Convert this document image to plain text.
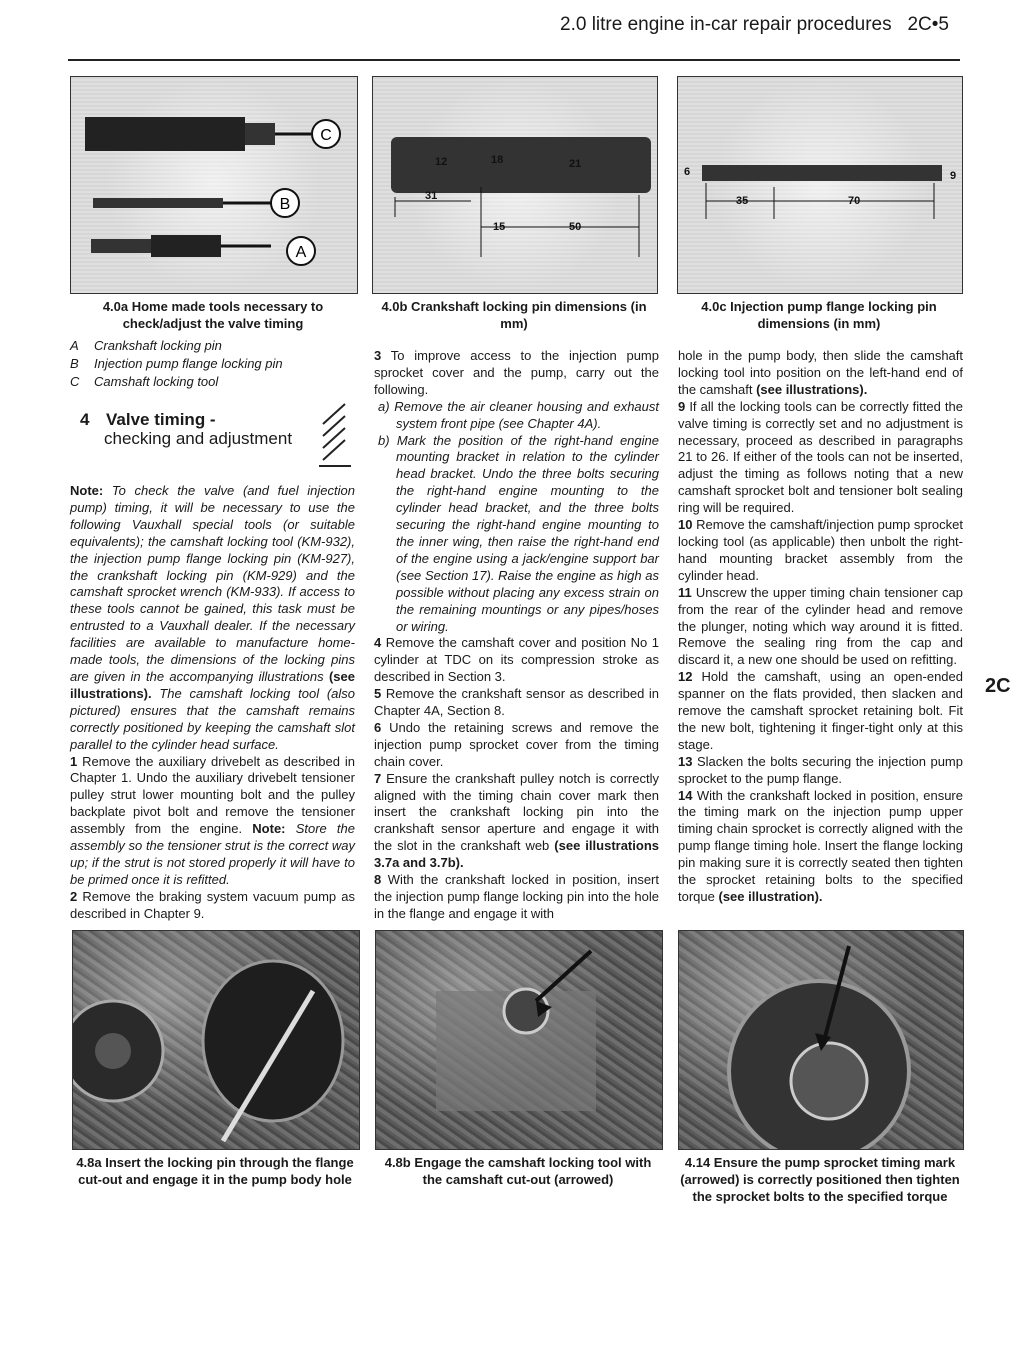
2.0 litre engine in-car repair procedures 2C•5
C
B
A
4.0a Home made tools necessary to check/adjust the valve timing
12	18	21
31
15	50
4.0b Crankshaft locking pin dimensions (in mm)
6	9
35	70
4.0c Injection pump flange locking pin dimensions (in mm)
A Crankshaft locking pin
B Injection pump flange locking pin
C Camshaft locking tool
4 Valve timing -
checking and adjustment

Note: To check the valve (and fuel injection pump) timing, it will be necessary to use the following Vauxhall special tools (or suitable equivalents); the camshaft locking tool (KM-932), the injection pump flange locking pin (KM-927), the crankshaft locking pin (KM-929) and the camshaft sprocket wrench (KM-933). If access to these tools cannot be gained, this task must be entrusted to a Vauxhall dealer. If the necessary facilities are available to manufacture home-made tools, the dimensions of the locking pins are given in the accompanying illustrations (see illustrations). The camshaft locking tool (also pictured) ensures that the camshaft remains correctly positioned by keeping the camshaft slot parallel to the cylinder head surface.

1 Remove the auxiliary drivebelt as described in Chapter 1. Undo the auxiliary drivebelt tensioner pulley strut lower mounting bolt and the pulley backplate pivot bolt and remove the tensioner assembly from the engine. Note: Store the assembly so the tensioner strut is the correct way up; if the strut is not stored properly it will have to be primed once it is refitted.

2 Remove the braking system vacuum pump as described in Chapter 9.

3 To improve access to the injection pump sprocket cover and the pump, carry out the following.

a) Remove the air cleaner housing and exhaust system front pipe (see Chapter 4A).

b) Mark the position of the right-hand engine mounting bracket in relation to the cylinder head bracket. Undo the three bolts securing the right-hand engine mounting to the cylinder head bracket, and the three bolts securing the right-hand engine mounting to the inner wing, then raise the right-hand end of the engine using a jack/engine support bar (see Section 17). Raise the engine as high as possible without placing any excess strain on the remaining mountings or any pipes/hoses or wiring.

4 Remove the camshaft cover and position No 1 cylinder at TDC on its compression stroke as described in Section 3.

5 Remove the crankshaft sensor as described in Chapter 4A, Section 8.

6 Undo the retaining screws and remove the injection pump sprocket cover from the timing chain cover.

7 Ensure the crankshaft pulley notch is correctly aligned with the timing chain cover mark then insert the crankshaft locking pin into the crankshaft sensor aperture and engage it with the slot in the crankshaft web (see illustrations 3.7a and 3.7b).

8 With the crankshaft locked in position, insert the injection pump flange locking pin into the hole in the flange and engage it with

hole in the pump body, then slide the camshaft locking tool into position on the left-hand end of the camshaft (see illustrations).

9 If all the locking tools can be correctly fitted the valve timing is correctly set and no adjustment is necessary, proceed as described in paragraphs 21 to 26. If either of the tools can not be inserted, adjust the timing as follows noting that a new camshaft sprocket bolt and tensioner bolt sealing ring will be required.

10 Remove the camshaft/injection pump sprocket locking tool (as applicable) then unbolt the right-hand mounting bracket assembly from the cylinder head.

11 Unscrew the upper timing chain tensioner cap from the rear of the cylinder head and remove the plunger, noting which way around it is fitted. Remove the sealing ring from the cap and discard it, a new one should be used on refitting.

12 Hold the camshaft, using an open-ended spanner on the flats provided, then slacken and remove the camshaft sprocket retaining bolt. Fit the new bolt, tightening it finger-tight only at this stage.

13 Slacken the bolts securing the injection pump sprocket to the pump flange.

14 With the crankshaft locked in position, ensure the timing mark on the injection pump upper timing chain sprocket is correctly aligned with the pump flange timing hole. Insert the flange locking pin making sure it is correctly seated then tighten the sprocket retaining bolts to the specified torque (see illustration).

2C
4.8a Insert the locking pin through the flange cut-out and engage it in the pump body hole
4.8b Engage the camshaft locking tool with the camshaft cut-out (arrowed)
4.14 Ensure the pump sprocket timing mark (arrowed) is correctly positioned then tighten the sprocket bolts to the specified torque
